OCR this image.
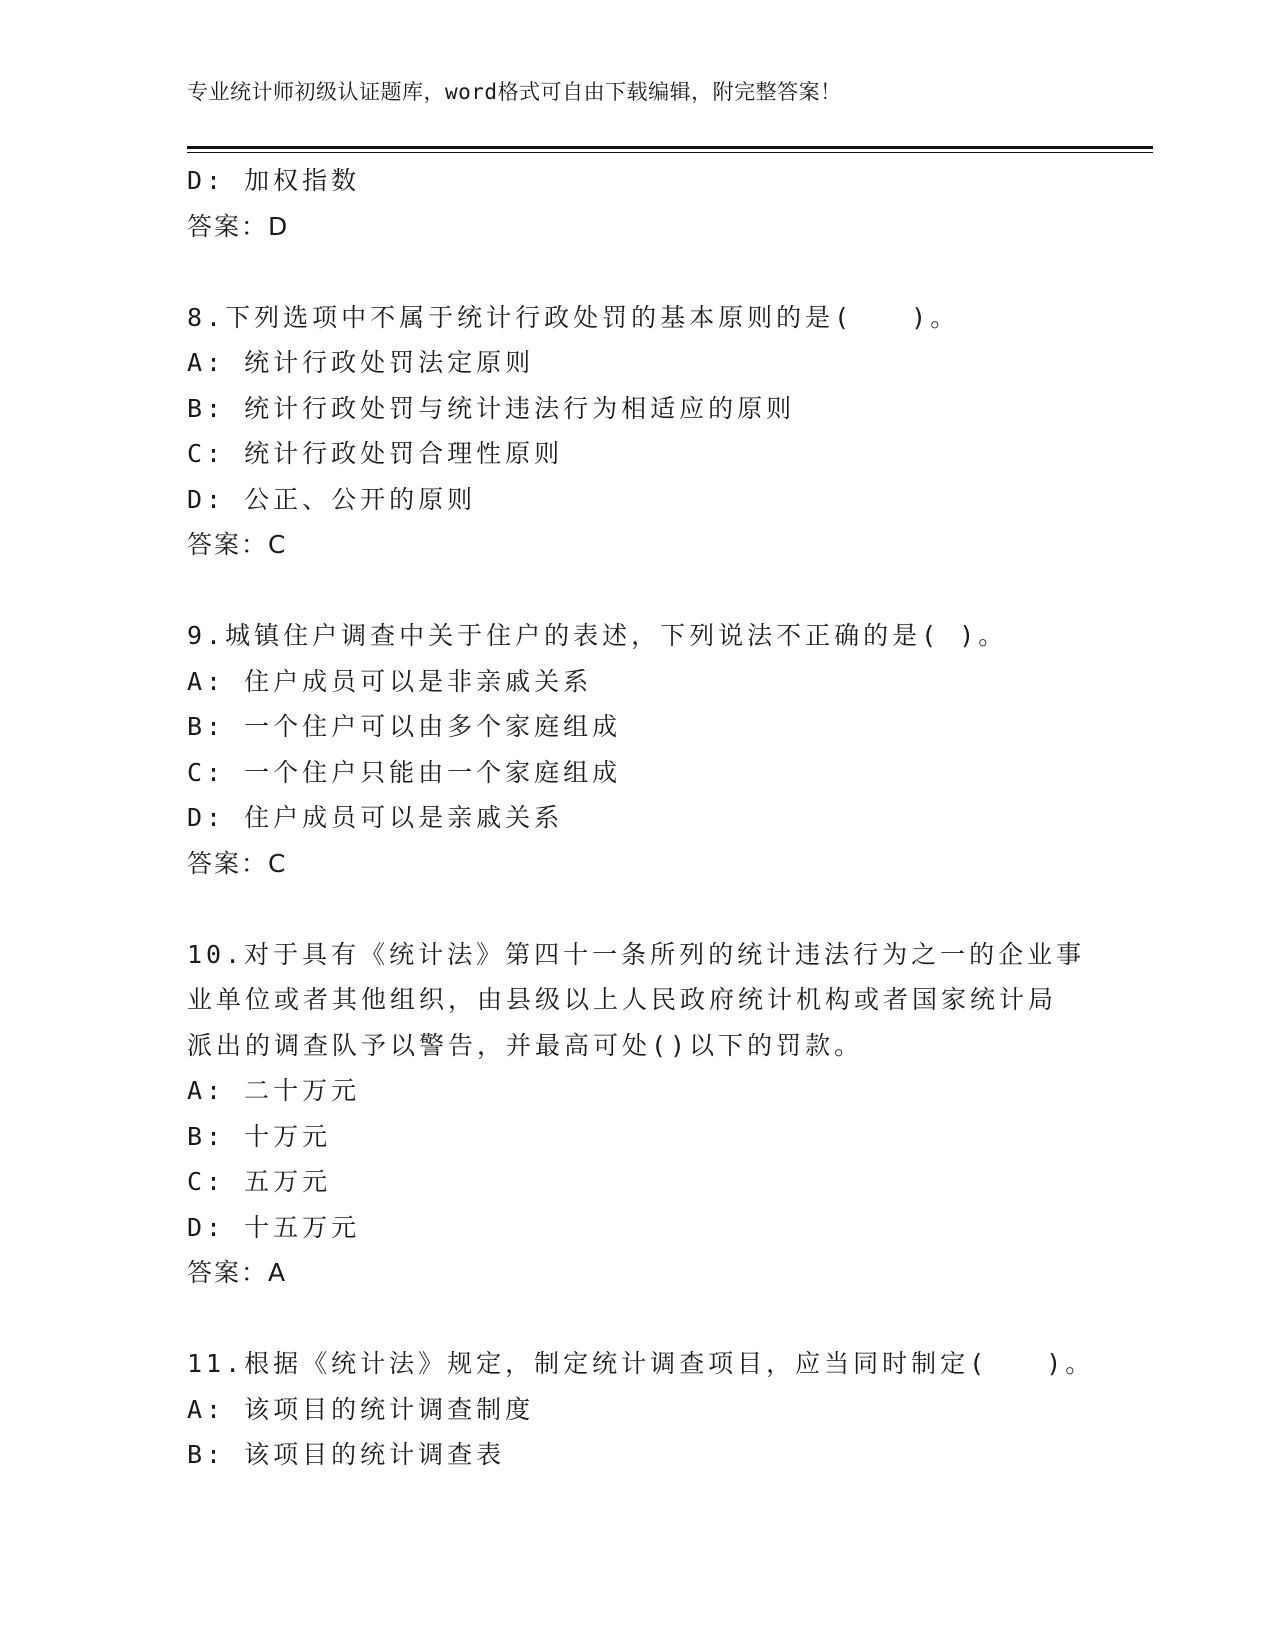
专业统计师初级认证题库，word格式可自由下载编辑，附完整答案！
D: 加权指数
答案：D
8.下列选项中不属于统计行政处罚的基本原则的是(　　)。
A: 统计行政处罚法定原则
B: 统计行政处罚与统计违法行为相适应的原则
C: 统计行政处罚合理性原则
D: 公正、公开的原则
答案：C
9.城镇住户调查中关于住户的表述，下列说法不正确的是( )。
A: 住户成员可以是非亲戚关系
B: 一个住户可以由多个家庭组成
C: 一个住户只能由一个家庭组成
D: 住户成员可以是亲戚关系
答案：C
10.对于具有《统计法》第四十一条所列的统计违法行为之一的企业事
业单位或者其他组织，由县级以上人民政府统计机构或者国家统计局
派出的调查队予以警告，并最高可处()以下的罚款。
A: 二十万元
B: 十万元
C: 五万元
D: 十五万元
答案：A
11.根据《统计法》规定，制定统计调查项目，应当同时制定(　　)。
A: 该项目的统计调查制度
B: 该项目的统计调查表
